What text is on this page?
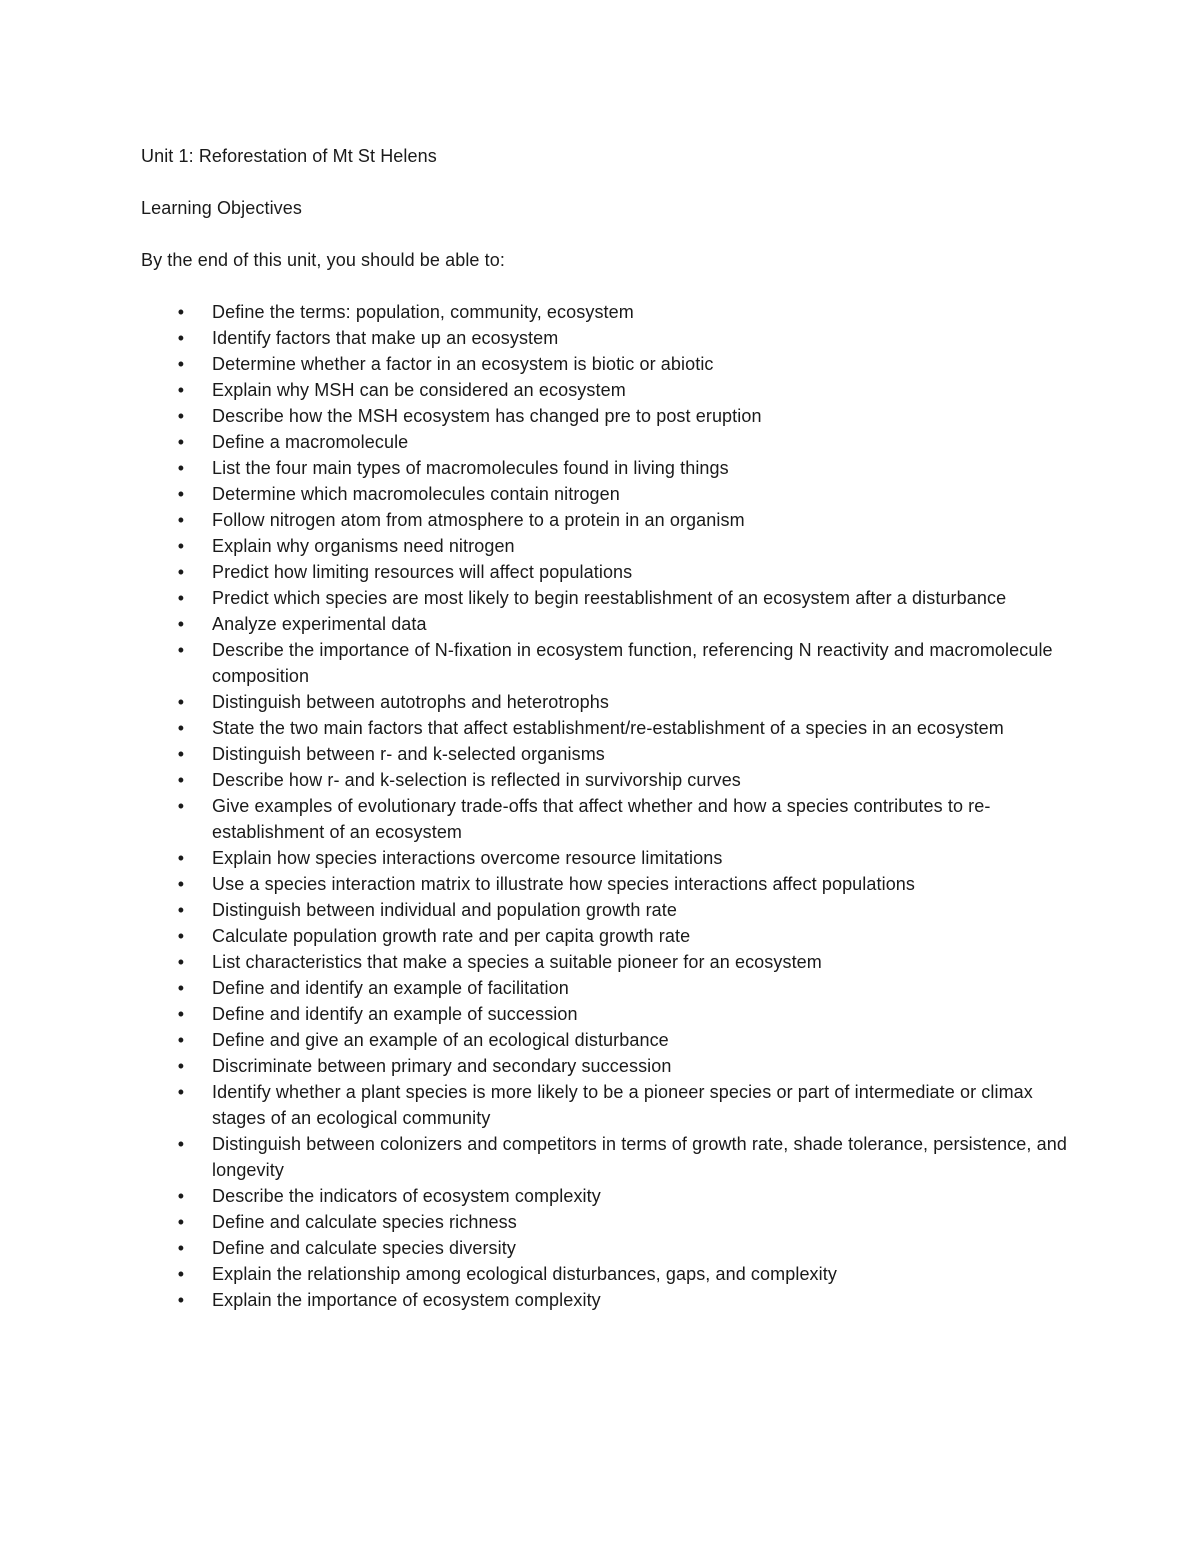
Unit 1: Reforestation of Mt St Helens

Learning Objectives

By the end of this unit, you should be able to:

• Define the terms: population, community, ecosystem
• Identify factors that make up an ecosystem
• Determine whether a factor in an ecosystem is biotic or abiotic
• Explain why MSH can be considered an ecosystem
• Describe how the MSH ecosystem has changed pre to post eruption
• Define a macromolecule
• List the four main types of macromolecules found in living things
• Determine which macromolecules contain nitrogen
• Follow nitrogen atom from atmosphere to a protein in an organism
• Explain why organisms need nitrogen
• Predict how limiting resources will affect populations
• Predict which species are most likely to begin reestablishment of an ecosystem after a disturbance
• Analyze experimental data
• Describe the importance of N-fixation in ecosystem function, referencing N reactivity and macromolecule composition
• Distinguish between autotrophs and heterotrophs
• State the two main factors that affect establishment/re-establishment of a species in an ecosystem
• Distinguish between r- and k-selected organisms
• Describe how r- and k-selection is reflected in survivorship curves
• Give examples of evolutionary trade-offs that affect whether and how a species contributes to re-establishment of an ecosystem
• Explain how species interactions overcome resource limitations
• Use a species interaction matrix to illustrate how species interactions affect populations
• Distinguish between individual and population growth rate
• Calculate population growth rate and per capita growth rate
• List characteristics that make a species a suitable pioneer for an ecosystem
• Define and identify an example of facilitation
• Define and identify an example of succession
• Define and give an example of an ecological disturbance
• Discriminate between primary and secondary succession
• Identify whether a plant species is more likely to be a pioneer species or part of intermediate or climax stages of an ecological community
• Distinguish between colonizers and competitors in terms of growth rate, shade tolerance, persistence, and longevity
• Describe the indicators of ecosystem complexity
• Define and calculate species richness
• Define and calculate species diversity
• Explain the relationship among ecological disturbances, gaps, and complexity
• Explain the importance of ecosystem complexity
